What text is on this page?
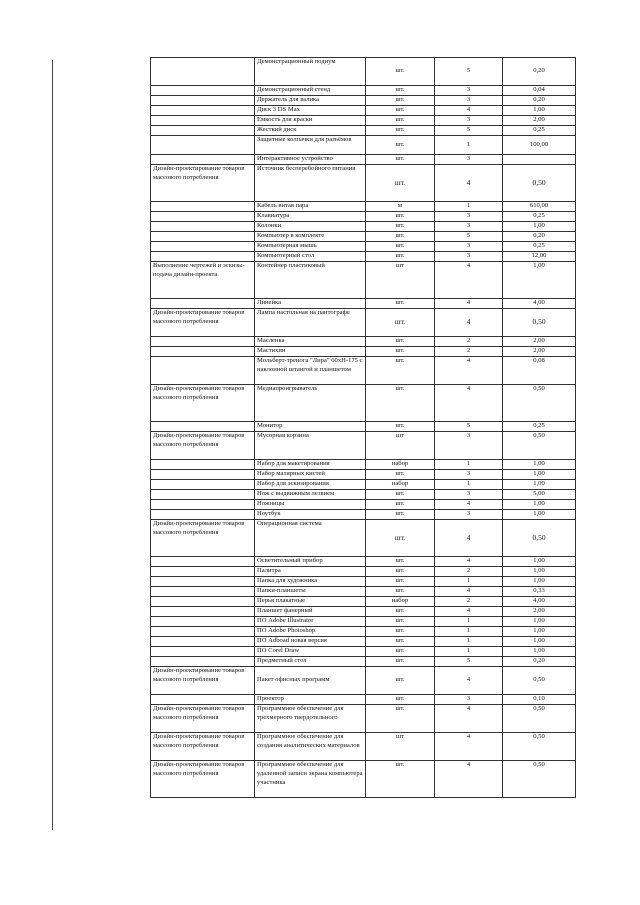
	Демонстрационный подиум	шт.	5	0,20
	Демонстрационный стенд	шт.	3	0,04
	Держатель для валика	шт.	3	0,20
	Диск 3 DS Max	шт.	4	1,00
	Емкость для краски	шт.	3	2,00
	Жесткий диск	шт.	5	0,25
	Защитные колпачки для разъёмов	шт.	1	100,00
	Интерактивное устройство	шт.	3	
Дизайн-проектирование товаров массового потребления	Источник бесперебойного питания	шт.	4	0,50
	Кабель витая пара	м	1	610,00
	Клавиатура	шт.	3	0,25
	Колонки	шт.	3	1,00
	Компьютер в комплекте	шт.	5	0,20
	Компьютерная мышь	шт.	3	0,25
	Компьютерный стол	шт.	3	12,00
Выполнение чертежей и эскизы-подача дизайн-проекта	Контейнер пластиковый	шт	4	1,00
	Линейка	шт.	4	4,00
Дизайн-проектирование товаров массового потребления	Лампа настольная на пантографе	шт.	4	0,50
	Масленка	шт.	2	2,00
	Мастихин	шт.	2	2,00
	Мольберт-тренога "Лира" 60хН-175 с наклонной штангой и планшетом	шт.	4	0,08
Дизайн-проектирование товаров массового потребления	Медиапроигрыватель	шт.	4	0,50
	Монитор	шт.	5	0,25
Дизайн-проектирование товаров массового потребления	Мусорная корзина	шт	3	0,50
	Набор для макетирования	набор	1	1,00
	Набор малярных кистей	шт.	3	1,00
	Набор для эскизирования	набор	1	1,00
	Нож с выдвижным лезвием	шт.	3	5,00
	Ножницы	шт.	4	1,00
	Ноутбук	шт.	3	1,00
Дизайн-проектирование товаров массового потребления	Операционная система	шт.	4	0,50
	Осветительный прибор	шт.	4	1,00
	Палитра	шт.	2	1,00
	Папка для художника	шт.	1	1,00
	Папки-планшеты	шт.	4	0,33
	Перья плакатные	набор	2	4,00
	Планшет фанерный	шт.	4	2,00
	ПО Adobe Illustrator	шт.	1	1,00
	ПО Adobe Photoshop	шт.	1	1,00
	ПО Adboad новая версия	шт.	1	1,00
	ПО Corel Draw	шт.	1	1,00
	Предметный стол	шт.	5	0,20
Дизайн-проектирование товаров массового потребления	Пакет офисных программ	шт.	4	0,50
	Проектор	шт.	3	0,10
Дизайн-проектирование товаров массового потребления	Программное обеспечение для трехмерного твердотельного	шт.	4	0,50
Дизайн-проектирование товаров массового потребления	Программное обеспечение для создания аналитических материалов	шт	4	0,50
Дизайн-проектирование товаров массового потребления	Программное обеспечение для удаленной записи экрана компьютера участника	шт.	4	0,50
